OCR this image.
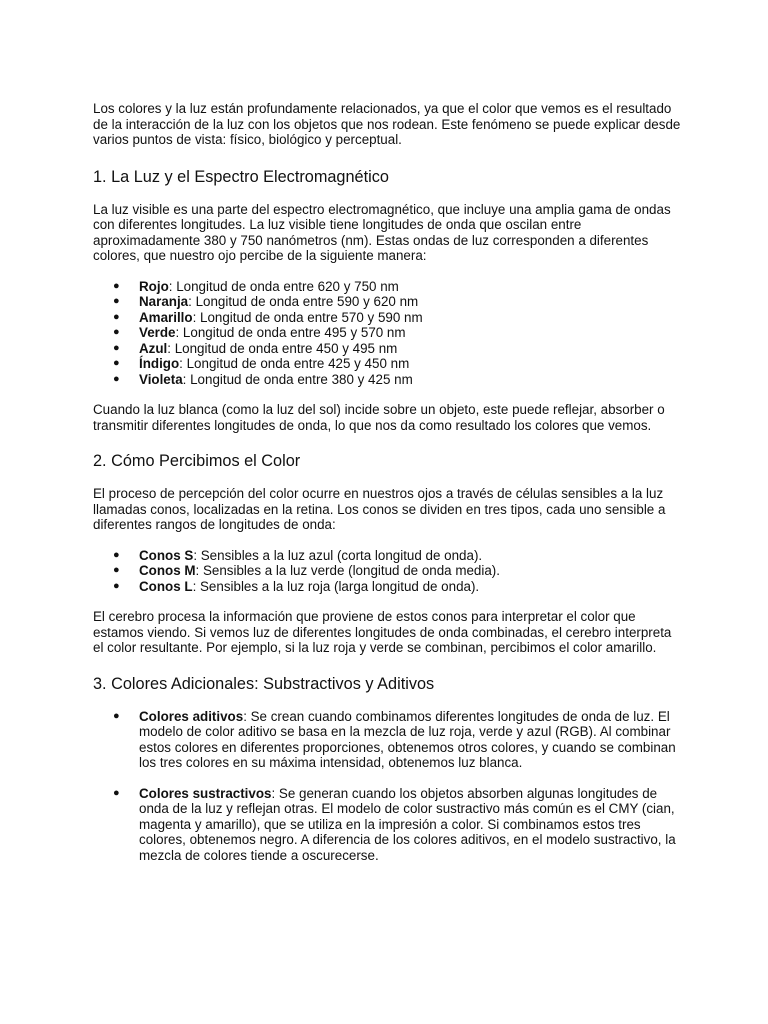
Los colores y la luz están profundamente relacionados, ya que el color que vemos es el resultado de la interacción de la luz con los objetos que nos rodean. Este fenómeno se puede explicar desde varios puntos de vista: físico, biológico y perceptual.

1. La Luz y el Espectro Electromagnético

La luz visible es una parte del espectro electromagnético, que incluye una amplia gama de ondas con diferentes longitudes. La luz visible tiene longitudes de onda que oscilan entre aproximadamente 380 y 750 nanómetros (nm). Estas ondas de luz corresponden a diferentes colores, que nuestro ojo percibe de la siguiente manera:

● Rojo: Longitud de onda entre 620 y 750 nm
● Naranja: Longitud de onda entre 590 y 620 nm
● Amarillo: Longitud de onda entre 570 y 590 nm
● Verde: Longitud de onda entre 495 y 570 nm
● Azul: Longitud de onda entre 450 y 495 nm
● Índigo: Longitud de onda entre 425 y 450 nm
● Violeta: Longitud de onda entre 380 y 425 nm

Cuando la luz blanca (como la luz del sol) incide sobre un objeto, este puede reflejar, absorber o transmitir diferentes longitudes de onda, lo que nos da como resultado los colores que vemos.

2. Cómo Percibimos el Color

El proceso de percepción del color ocurre en nuestros ojos a través de células sensibles a la luz llamadas conos, localizadas en la retina. Los conos se dividen en tres tipos, cada uno sensible a diferentes rangos de longitudes de onda:

● Conos S: Sensibles a la luz azul (corta longitud de onda).
● Conos M: Sensibles a la luz verde (longitud de onda media).
● Conos L: Sensibles a la luz roja (larga longitud de onda).

El cerebro procesa la información que proviene de estos conos para interpretar el color que estamos viendo. Si vemos luz de diferentes longitudes de onda combinadas, el cerebro interpreta el color resultante. Por ejemplo, si la luz roja y verde se combinan, percibimos el color amarillo.

3. Colores Adicionales: Substractivos y Aditivos
● Colores aditivos: Se crean cuando combinamos diferentes longitudes de onda de luz. El modelo de color aditivo se basa en la mezcla de luz roja, verde y azul (RGB). Al combinar estos colores en diferentes proporciones, obtenemos otros colores, y cuando se combinan los tres colores en su máxima intensidad, obtenemos luz blanca.
● Colores sustractivos: Se generan cuando los objetos absorben algunas longitudes de onda de la luz y reflejan otras. El modelo de color sustractivo más común es el CMY (cian, magenta y amarillo), que se utiliza en la impresión a color. Si combinamos estos tres colores, obtenemos negro. A diferencia de los colores aditivos, en el modelo sustractivo, la mezcla de colores tiende a oscurecerse.
